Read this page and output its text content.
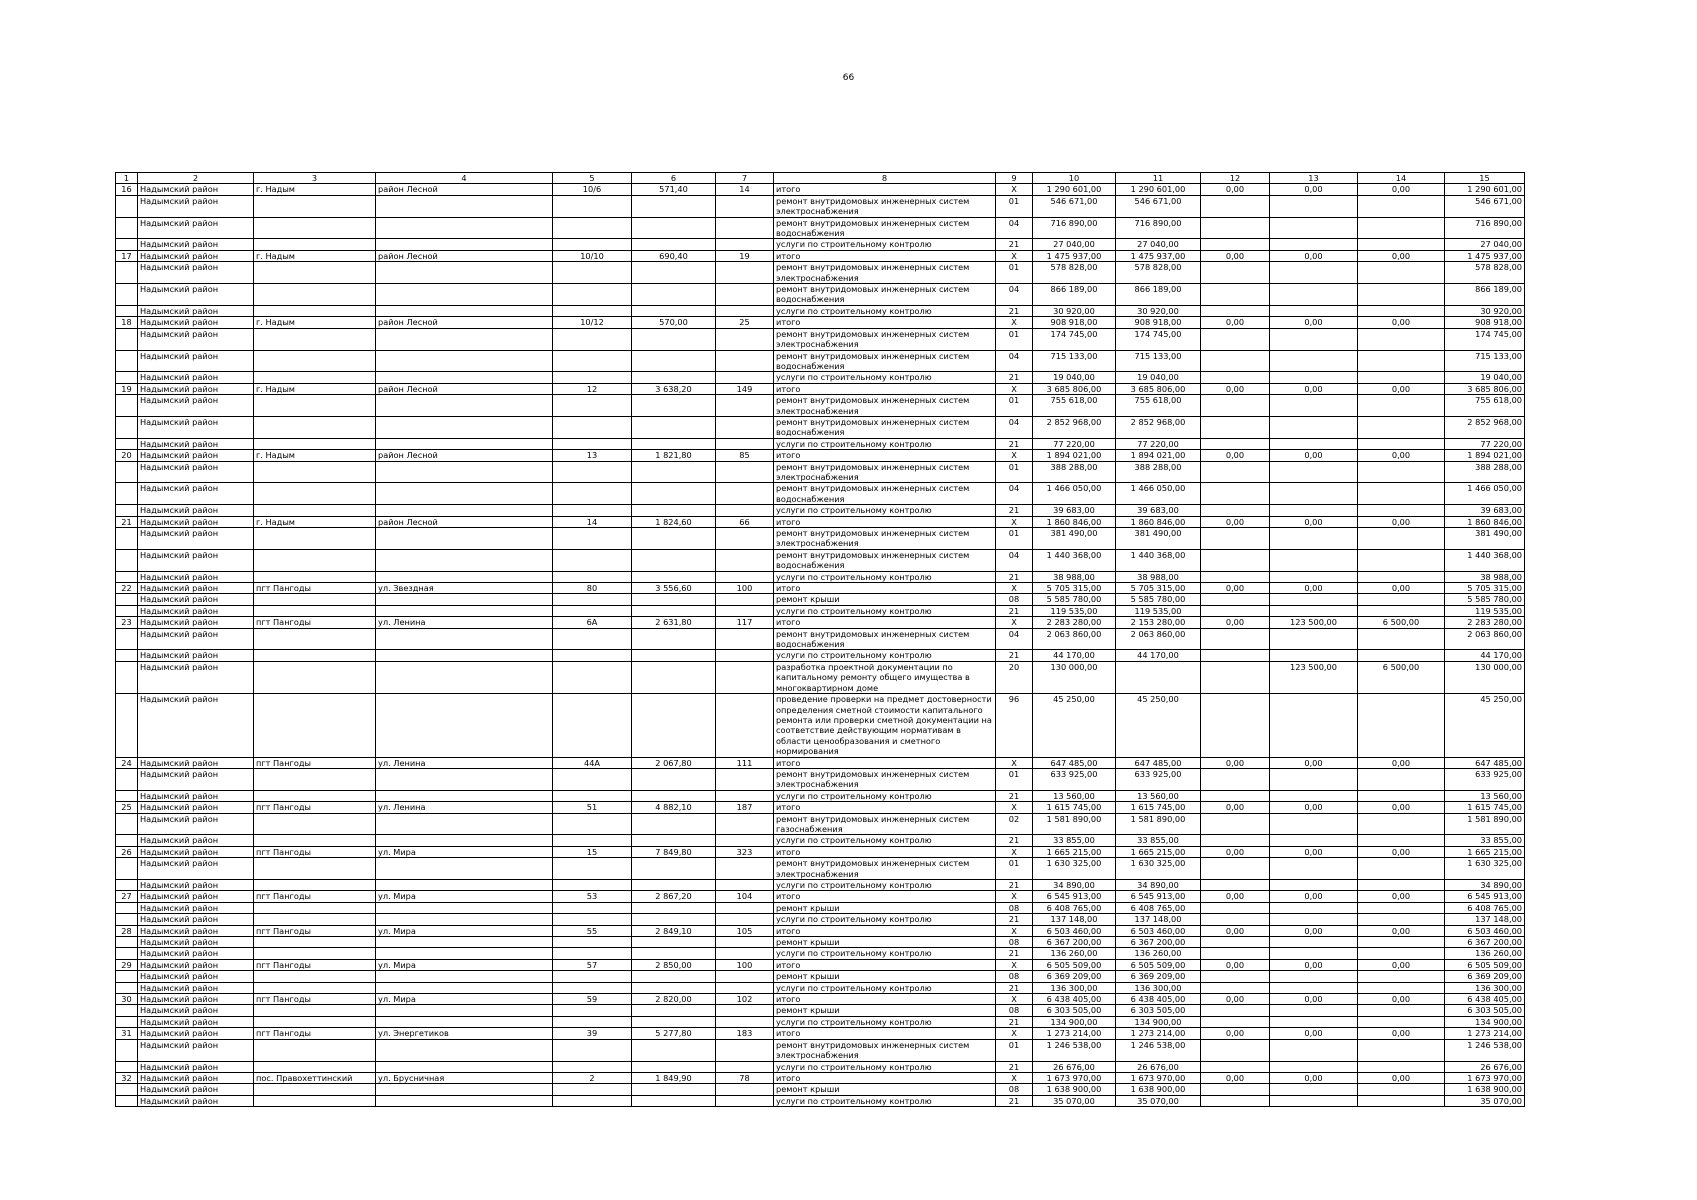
66
1	2	3	4	5	6	7	8	9	10	11	12	13	14	15
16	Надымский район	г. Надым	район Лесной	10/6	571,40	14	итого	Х	1 290 601,00	1 290 601,00	0,00	0,00	0,00	1 290 601,00
	Надымский район						ремонт внутридомовых инженерных систем электроснабжения	01	546 671,00	546 671,00				546 671,00
	Надымский район						ремонт внутридомовых инженерных систем водоснабжения	04	716 890,00	716 890,00				716 890,00
	Надымский район						услуги по строительному контролю	21	27 040,00	27 040,00				27 040,00
17	Надымский район	г. Надым	район Лесной	10/10	690,40	19	итого	Х	1 475 937,00	1 475 937,00	0,00	0,00	0,00	1 475 937,00
	Надымский район						ремонт внутридомовых инженерных систем электроснабжения	01	578 828,00	578 828,00				578 828,00
	Надымский район						ремонт внутридомовых инженерных систем водоснабжения	04	866 189,00	866 189,00				866 189,00
	Надымский район						услуги по строительному контролю	21	30 920,00	30 920,00				30 920,00
18	Надымский район	г. Надым	район Лесной	10/12	570,00	25	итого	Х	908 918,00	908 918,00	0,00	0,00	0,00	908 918,00
	Надымский район						ремонт внутридомовых инженерных систем электроснабжения	01	174 745,00	174 745,00				174 745,00
	Надымский район						ремонт внутридомовых инженерных систем водоснабжения	04	715 133,00	715 133,00				715 133,00
	Надымский район						услуги по строительному контролю	21	19 040,00	19 040,00				19 040,00
19	Надымский район	г. Надым	район Лесной	12	3 638,20	149	итого	Х	3 685 806,00	3 685 806,00	0,00	0,00	0,00	3 685 806,00
	Надымский район						ремонт внутридомовых инженерных систем электроснабжения	01	755 618,00	755 618,00				755 618,00
	Надымский район						ремонт внутридомовых инженерных систем водоснабжения	04	2 852 968,00	2 852 968,00				2 852 968,00
	Надымский район						услуги по строительному контролю	21	77 220,00	77 220,00				77 220,00
20	Надымский район	г. Надым	район Лесной	13	1 821,80	85	итого	Х	1 894 021,00	1 894 021,00	0,00	0,00	0,00	1 894 021,00
	Надымский район						ремонт внутридомовых инженерных систем электроснабжения	01	388 288,00	388 288,00				388 288,00
	Надымский район						ремонт внутридомовых инженерных систем водоснабжения	04	1 466 050,00	1 466 050,00				1 466 050,00
	Надымский район						услуги по строительному контролю	21	39 683,00	39 683,00				39 683,00
21	Надымский район	г. Надым	район Лесной	14	1 824,60	66	итого	Х	1 860 846,00	1 860 846,00	0,00	0,00	0,00	1 860 846,00
	Надымский район						ремонт внутридомовых инженерных систем электроснабжения	01	381 490,00	381 490,00				381 490,00
	Надымский район						ремонт внутридомовых инженерных систем водоснабжения	04	1 440 368,00	1 440 368,00				1 440 368,00
	Надымский район						услуги по строительному контролю	21	38 988,00	38 988,00				38 988,00
22	Надымский район	пгт Пангоды	ул. Звездная	80	3 556,60	100	итого	Х	5 705 315,00	5 705 315,00	0,00	0,00	0,00	5 705 315,00
	Надымский район						ремонт крыши	08	5 585 780,00	5 585 780,00				5 585 780,00
	Надымский район						услуги по строительному контролю	21	119 535,00	119 535,00				119 535,00
23	Надымский район	пгт Пангоды	ул. Ленина	6А	2 631,80	117	итого	Х	2 283 280,00	2 153 280,00	0,00	123 500,00	6 500,00	2 283 280,00
	Надымский район						ремонт внутридомовых инженерных систем водоснабжения	04	2 063 860,00	2 063 860,00				2 063 860,00
	Надымский район						услуги по строительному контролю	21	44 170,00	44 170,00				44 170,00
	Надымский район						разработка проектной документации по капитальному ремонту общего имущества в многоквартирном доме	20	130 000,00			123 500,00	6 500,00	130 000,00
	Надымский район						проведение проверки на предмет достоверности определения сметной стоимости капитального ремонта или проверки сметной документации на соответствие действующим нормативам в области ценообразования и сметного нормирования	96	45 250,00	45 250,00				45 250,00
24	Надымский район	пгт Пангоды	ул. Ленина	44А	2 067,80	111	итого	Х	647 485,00	647 485,00	0,00	0,00	0,00	647 485,00
	Надымский район						ремонт внутридомовых инженерных систем электроснабжения	01	633 925,00	633 925,00				633 925,00
	Надымский район						услуги по строительному контролю	21	13 560,00	13 560,00				13 560,00
25	Надымский район	пгт Пангоды	ул. Ленина	51	4 882,10	187	итого	Х	1 615 745,00	1 615 745,00	0,00	0,00	0,00	1 615 745,00
	Надымский район						ремонт внутридомовых инженерных систем газоснабжения	02	1 581 890,00	1 581 890,00				1 581 890,00
	Надымский район						услуги по строительному контролю	21	33 855,00	33 855,00				33 855,00
26	Надымский район	пгт Пангоды	ул. Мира	15	7 849,80	323	итого	Х	1 665 215,00	1 665 215,00	0,00	0,00	0,00	1 665 215,00
	Надымский район						ремонт внутридомовых инженерных систем электроснабжения	01	1 630 325,00	1 630 325,00				1 630 325,00
	Надымский район						услуги по строительному контролю	21	34 890,00	34 890,00				34 890,00
27	Надымский район	пгт Пангоды	ул. Мира	53	2 867,20	104	итого	Х	6 545 913,00	6 545 913,00	0,00	0,00	0,00	6 545 913,00
	Надымский район						ремонт крыши	08	6 408 765,00	6 408 765,00				6 408 765,00
	Надымский район						услуги по строительному контролю	21	137 148,00	137 148,00				137 148,00
28	Надымский район	пгт Пангоды	ул. Мира	55	2 849,10	105	итого	Х	6 503 460,00	6 503 460,00	0,00	0,00	0,00	6 503 460,00
	Надымский район						ремонт крыши	08	6 367 200,00	6 367 200,00				6 367 200,00
	Надымский район						услуги по строительному контролю	21	136 260,00	136 260,00				136 260,00
29	Надымский район	пгт Пангоды	ул. Мира	57	2 850,00	100	итого	Х	6 505 509,00	6 505 509,00	0,00	0,00	0,00	6 505 509,00
	Надымский район						ремонт крыши	08	6 369 209,00	6 369 209,00				6 369 209,00
	Надымский район						услуги по строительному контролю	21	136 300,00	136 300,00				136 300,00
30	Надымский район	пгт Пангоды	ул. Мира	59	2 820,00	102	итого	Х	6 438 405,00	6 438 405,00	0,00	0,00	0,00	6 438 405,00
	Надымский район						ремонт крыши	08	6 303 505,00	6 303 505,00				6 303 505,00
	Надымский район						услуги по строительному контролю	21	134 900,00	134 900,00				134 900,00
31	Надымский район	пгт Пангоды	ул. Энергетиков	39	5 277,80	183	итого	Х	1 273 214,00	1 273 214,00	0,00	0,00	0,00	1 273 214,00
	Надымский район						ремонт внутридомовых инженерных систем электроснабжения	01	1 246 538,00	1 246 538,00				1 246 538,00
	Надымский район						услуги по строительному контролю	21	26 676,00	26 676,00				26 676,00
32	Надымский район	пос. Правохеттинский	ул. Брусничная	2	1 849,90	78	итого	Х	1 673 970,00	1 673 970,00	0,00	0,00	0,00	1 673 970,00
	Надымский район						ремонт крыши	08	1 638 900,00	1 638 900,00				1 638 900,00
	Надымский район						услуги по строительному контролю	21	35 070,00	35 070,00				35 070,00
